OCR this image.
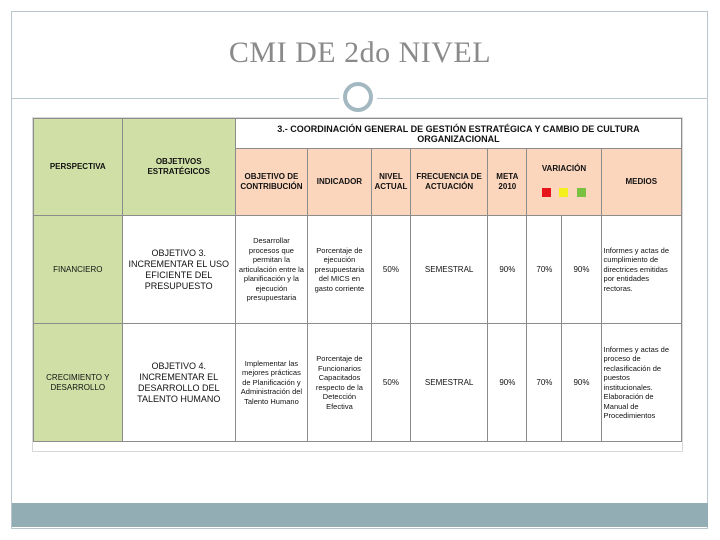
CMI DE 2do NIVEL
PERSPECTIVA	OBJETIVOS ESTRATÉGICOS	3.- COORDINACIÓN GENERAL DE GESTIÓN ESTRATÉGICA Y CAMBIO DE CULTURA ORGANIZACIONAL							
		OBJETIVO DE CONTRIBUCIÓN	INDICADOR	NIVEL ACTUAL	FRECUENCIA DE ACTUACIÓN	META 2010	VARIACIÓN		MEDIOS
FINANCIERO	OBJETIVO 3. INCREMENTAR EL USO EFICIENTE DEL PRESUPUESTO	Desarrollar procesos que permitan la articulación entre la planificación y la ejecución presupuestaria	Porcentaje de ejecución presupuestaria del MICS en gasto corriente	50%	SEMESTRAL	90%	70%	90%	Informes y actas de cumplimiento de directrices emitidas por entidades rectoras.
CRECIMIENTO Y DESARROLLO	OBJETIVO 4. INCREMENTAR EL DESARROLLO DEL TALENTO HUMANO	Implementar las mejores prácticas de Planificación y Administración del Talento Humano	Porcentaje de Funcionarios Capacitados respecto de la Detección Efectiva	50%	SEMESTRAL	90%	70%	90%	Informes y actas de proceso de reclasificación de puestos institucionales. Elaboración de Manual de Procedimientos
